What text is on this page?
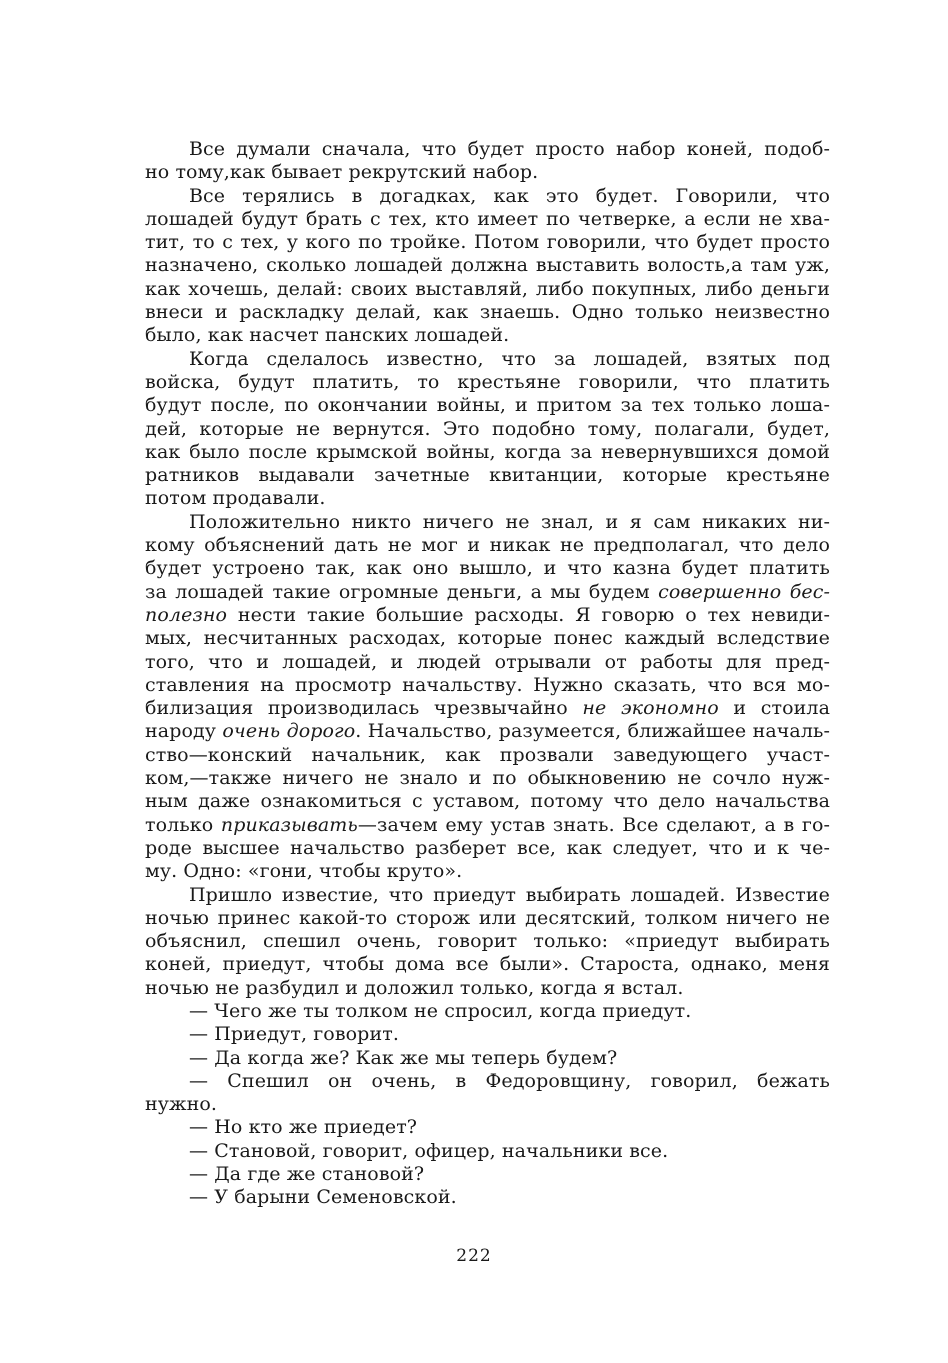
Все думали сначала, что будет просто набор коней, подоб-
но тому,как бывает рекрутский набор.
Все терялись в догадках, как это будет. Говорили, что
лошадей будут брать с тех, кто имеет по четверке, а если не хва-
тит, то с тех, у кого по тройке. Потом говорили, что будет просто
назначено, сколько лошадей должна выставить волость,а там уж,
как хочешь, делай: своих выставляй, либо покупных, либо деньги
внеси и раскладку делай, как знаешь. Одно только неизвестно
было, как насчет панских лошадей.
Когда сделалось известно, что за лошадей, взятых под
войска, будут платить, то крестьяне говорили, что платить
будут после, по окончании войны, и притом за тех только лоша-
дей, которые не вернутся. Это подобно тому, полагали, будет,
как было после крымской войны, когда за невернувшихся домой
ратников выдавали зачетные квитанции, которые крестьяне
потом продавали.
Положительно никто ничего не знал, и я сам никаких ни-
кому объяснений дать не мог и никак не предполагал, что дело
будет устроено так, как оно вышло, и что казна будет платить
за лошадей такие огромные деньги, а мы будем совершенно бес-
полезно нести такие большие расходы. Я говорю о тех невиди-
мых, несчитанных расходах, которые понес каждый вследствие
того, что и лошадей, и людей отрывали от работы для пред-
ставления на просмотр начальству. Нужно сказать, что вся мо-
билизация производилась чрезвычайно не экономно и стоила
народу очень дорого. Начальство, разумеется, ближайшее началь-
ство—конский начальник, как прозвали заведующего участ-
ком,—также ничего не знало и по обыкновению не сочло нуж-
ным даже ознакомиться с уставом, потому что дело начальства
только приказывать—зачем ему устав знать. Все сделают, а в го-
роде высшее начальство разберет все, как следует, что и к че-
му. Одно: «гони, чтобы круто».
Пришло известие, что приедут выбирать лошадей. Известие
ночью принес какой-то сторож или десятский, толком ничего не
объяснил, спешил очень, говорит только: «приедут выбирать
коней, приедут, чтобы дома все были». Староста, однако, меня
ночью не разбудил и доложил только, когда я встал.
— Чего же ты толком не спросил, когда приедут.
— Приедут, говорит.
— Да когда же? Как же мы теперь будем?
— Спешил он очень, в Федоровщину, говорил, бежать
нужно.
— Но кто же приедет?
— Становой, говорит, офицер, начальники все.
— Да где же становой?
— У барыни Семеновской.
222
